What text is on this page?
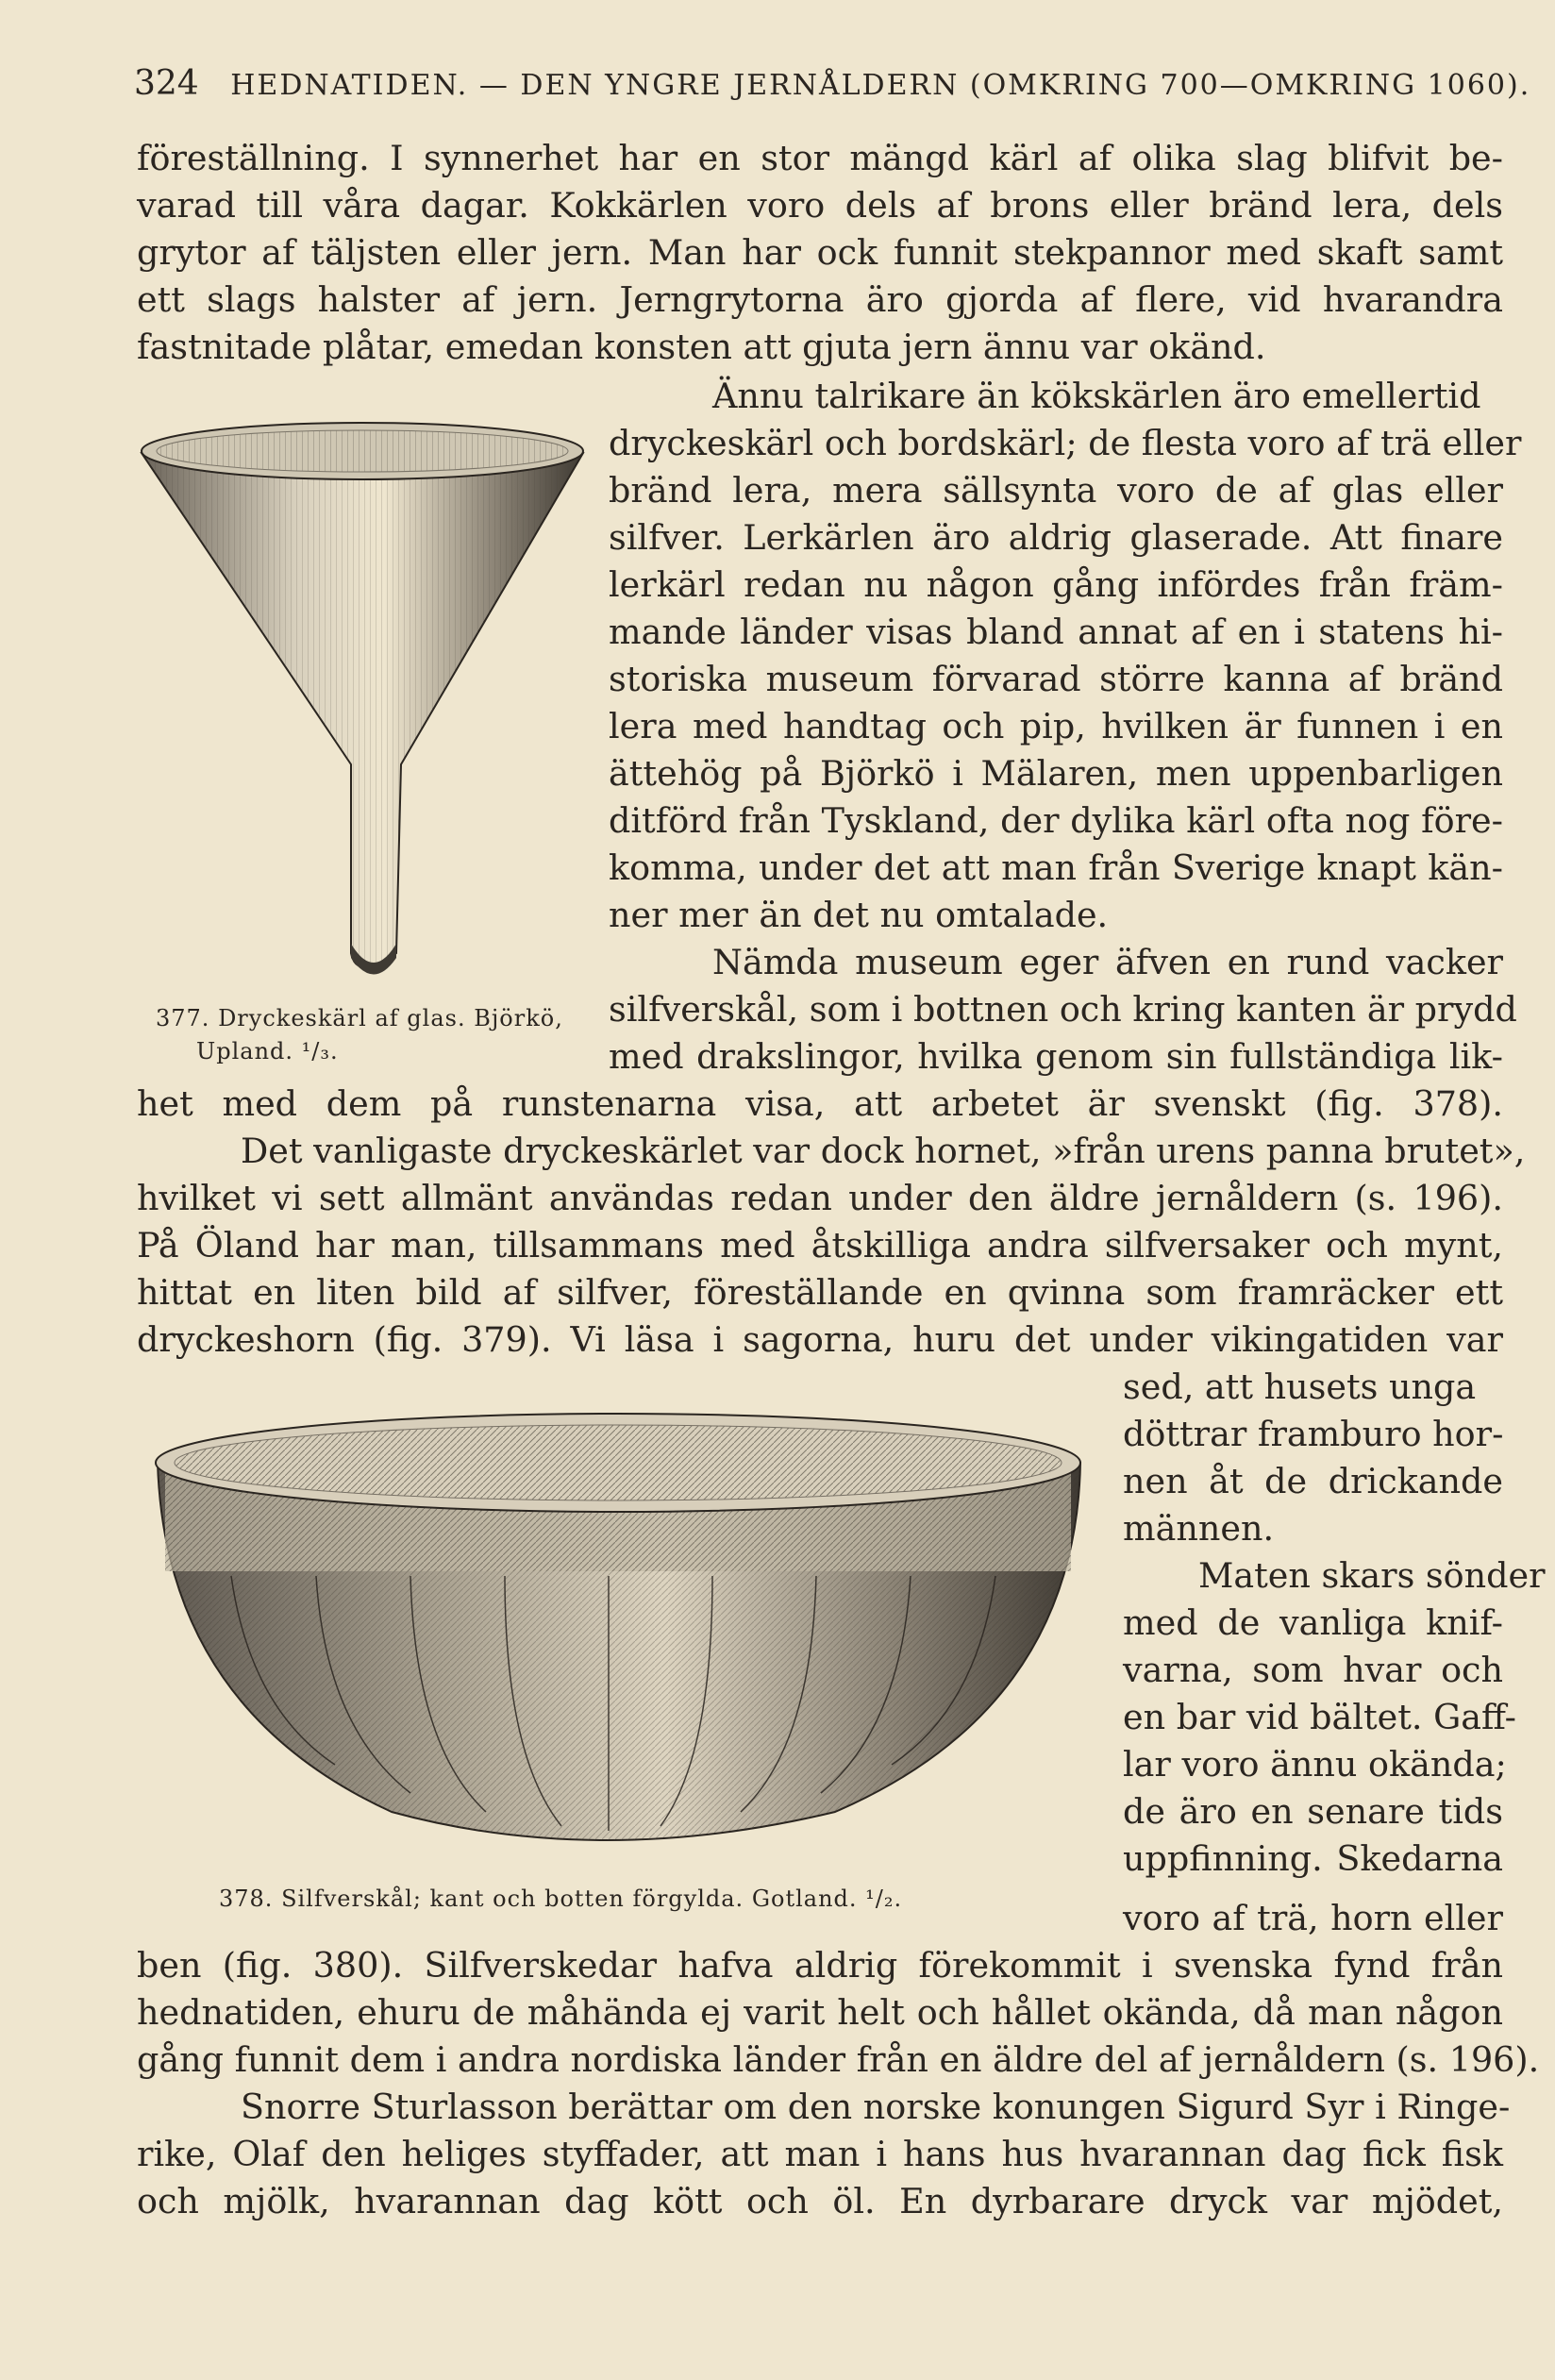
324 HEDNATIDEN. — DEN YNGRE JERNÅLDERN (OMKRING 700—OMKRING 1060).
föreställning. I synnerhet har en stor mängd kärl af olika slag blifvit be-
varad till våra dagar. Kokkärlen voro dels af brons eller bränd lera, dels
grytor af täljsten eller jern. Man har ock funnit stekpannor med skaft samt
ett slags halster af jern. Jerngrytorna äro gjorda af flere, vid hvarandra
fastnitade plåtar, emedan konsten att gjuta jern ännu var okänd.
377. Dryckeskärl af glas. Björkö,
Upland. ¹/₃.
Ännu talrikare än kökskärlen äro emellertid
dryckeskärl och bordskärl; de flesta voro af trä eller
bränd lera, mera sällsynta voro de af glas eller
silfver. Lerkärlen äro aldrig glaserade. Att finare
lerkärl redan nu någon gång infördes från främ-
mande länder visas bland annat af en i statens hi-
storiska museum förvarad större kanna af bränd
lera med handtag och pip, hvilken är funnen i en
ättehög på Björkö i Mälaren, men uppenbarligen
ditförd från Tyskland, der dylika kärl ofta nog före-
komma, under det att man från Sverige knapt kän-
ner mer än det nu omtalade.
Nämda museum eger äfven en rund vacker
silfverskål, som i bottnen och kring kanten är prydd
med drakslingor, hvilka genom sin fullständiga lik-
het med dem på runstenarna visa, att arbetet är svenskt (fig. 378).
Det vanligaste dryckeskärlet var dock hornet, »från urens panna brutet»,
hvilket vi sett allmänt användas redan under den äldre jernåldern (s. 196).
På Öland har man, tillsammans med åtskilliga andra silfversaker och mynt,
hittat en liten bild af silfver, föreställande en qvinna som framräcker ett
dryckeshorn (fig. 379). Vi läsa i sagorna, huru det under vikingatiden var
378. Silfverskål; kant och botten förgylda. Gotland. ¹/₂.
sed, att husets unga
döttrar framburo hor-
nen åt de drickande
männen.
Maten skars sönder
med de vanliga knif-
varna, som hvar och
en bar vid bältet. Gaff-
lar voro ännu okända;
de äro en senare tids
uppfinning. Skedarna
voro af trä, horn eller
ben (fig. 380). Silfverskedar hafva aldrig förekommit i svenska fynd från
hednatiden, ehuru de måhända ej varit helt och hållet okända, då man någon
gång funnit dem i andra nordiska länder från en äldre del af jernåldern (s. 196).
Snorre Sturlasson berättar om den norske konungen Sigurd Syr i Ringe-
rike, Olaf den heliges styffader, att man i hans hus hvarannan dag fick fisk
och mjölk, hvarannan dag kött och öl. En dyrbarare dryck var mjödet,
